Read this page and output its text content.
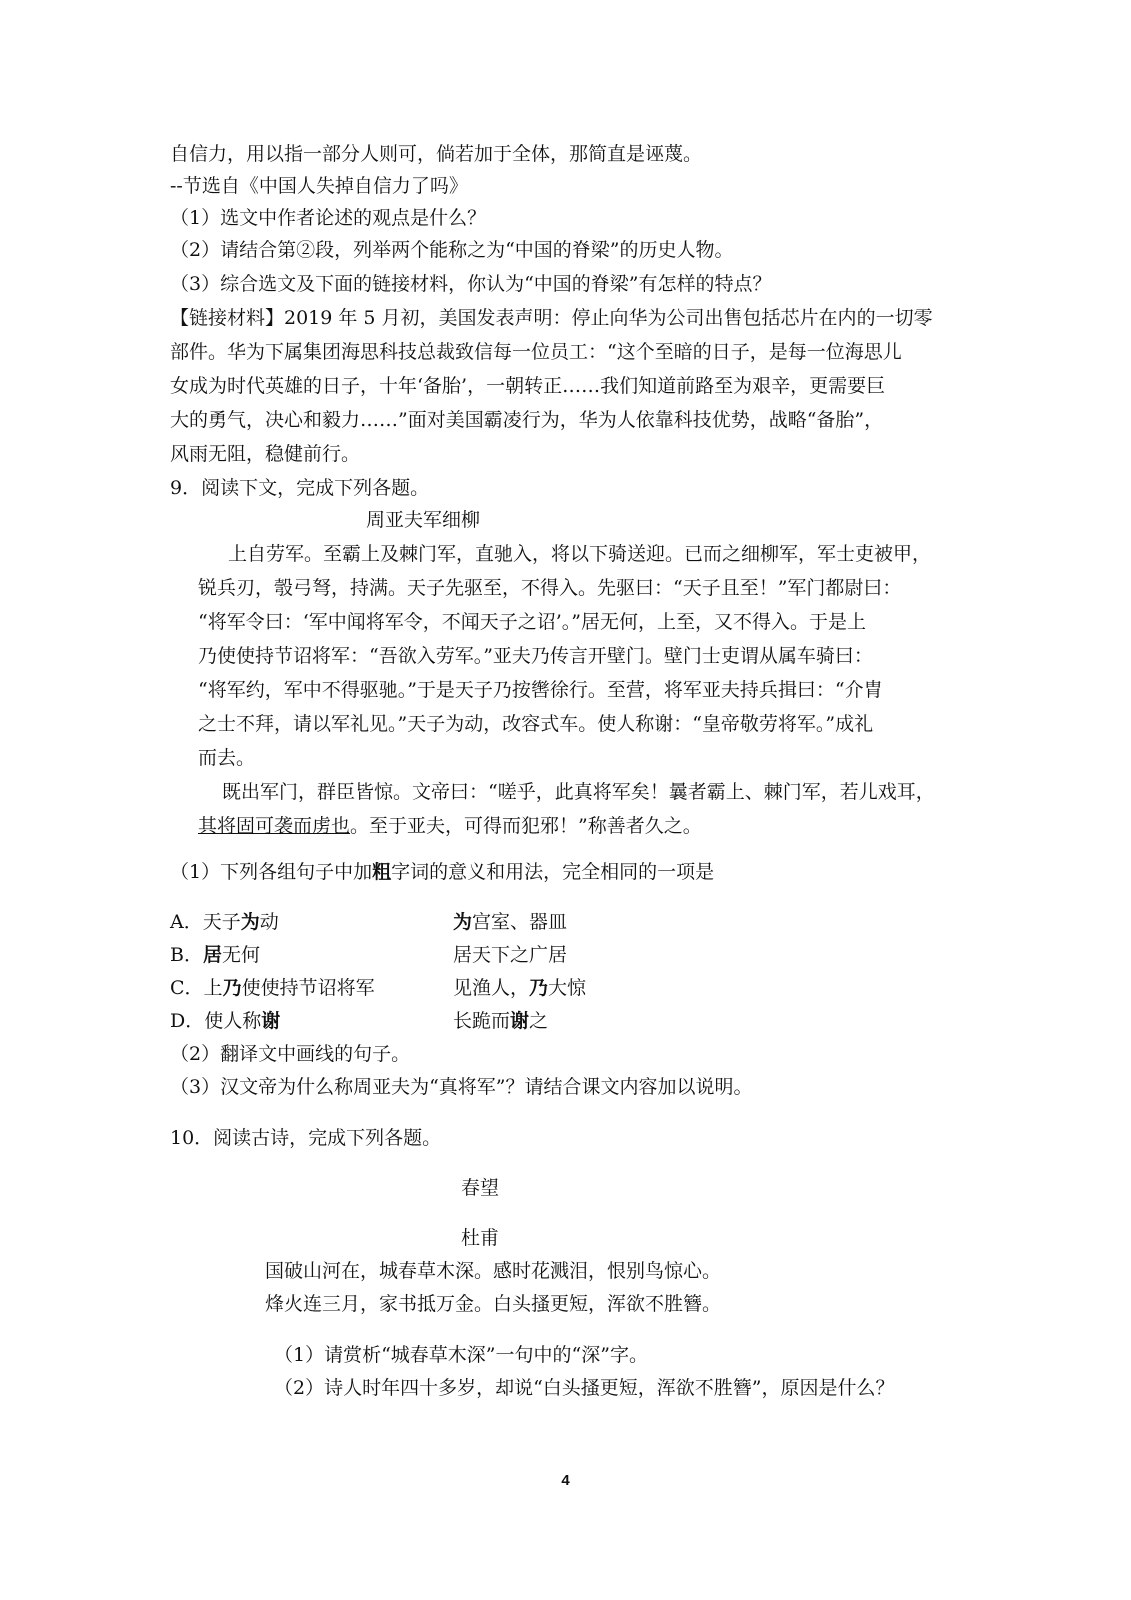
自信力，用以指一部分人则可，倘若加于全体，那简直是诬蔑。
--节选自《中国人失掉自信力了吗》
（1）选文中作者论述的观点是什么？
（2）请结合第②段，列举两个能称之为“中国的脊梁”的历史人物。
（3）综合选文及下面的链接材料，你认为“中国的脊梁”有怎样的特点？
【链接材料】2019 年 5 月初，美国发表声明：停止向华为公司出售包括芯片在内的一切零
部件。华为下属集团海思科技总裁致信每一位员工：“这个至暗的日子，是每一位海思儿
女成为时代英雄的日子，十年‘备胎’，一朝转正……我们知道前路至为艰辛，更需要巨
大的勇气，决心和毅力……”面对美国霸凌行为，华为人依靠科技优势，战略“备胎”，
风雨无阻，稳健前行。
9．阅读下文，完成下列各题。
周亚夫军细柳
上自劳军。至霸上及棘门军，直驰入，将以下骑送迎。已而之细柳军，军士吏被甲，
锐兵刃，彀弓弩，持满。天子先驱至，不得入。先驱曰：“天子且至！”军门都尉曰：
“将军令曰：‘军中闻将军令，不闻天子之诏’。”居无何，上至，又不得入。于是上
乃使使持节诏将军：“吾欲入劳军。”亚夫乃传言开壁门。壁门士吏谓从属车骑曰：
“将军约，军中不得驱驰。”于是天子乃按辔徐行。至营，将军亚夫持兵揖曰：“介胄
之士不拜，请以军礼见。”天子为动，改容式车。使人称谢：“皇帝敬劳将军。”成礼
而去。
既出军门，群臣皆惊。文帝曰：“嗟乎，此真将军矣！曩者霸上、棘门军，若儿戏耳，
其将固可袭而虏也。至于亚夫，可得而犯邪！”称善者久之。
（1）下列各组句子中加粗字词的意义和用法，完全相同的一项是
A．天子为动	为宫室、器皿
B．居无何	居天下之广居
C．上乃使使持节诏将军	见渔人，乃大惊
D．使人称谢	长跪而谢之
（2）翻译文中画线的句子。
（3）汉文帝为什么称周亚夫为“真将军”？请结合课文内容加以说明。
10．阅读古诗，完成下列各题。
春望
杜甫
国破山河在，城春草木深。感时花溅泪，恨别鸟惊心。
烽火连三月，家书抵万金。白头搔更短，浑欲不胜簪。
（1）请赏析“城春草木深”一句中的“深”字。
（2）诗人时年四十多岁，却说“白头搔更短，浑欲不胜簪”，原因是什么？
4
